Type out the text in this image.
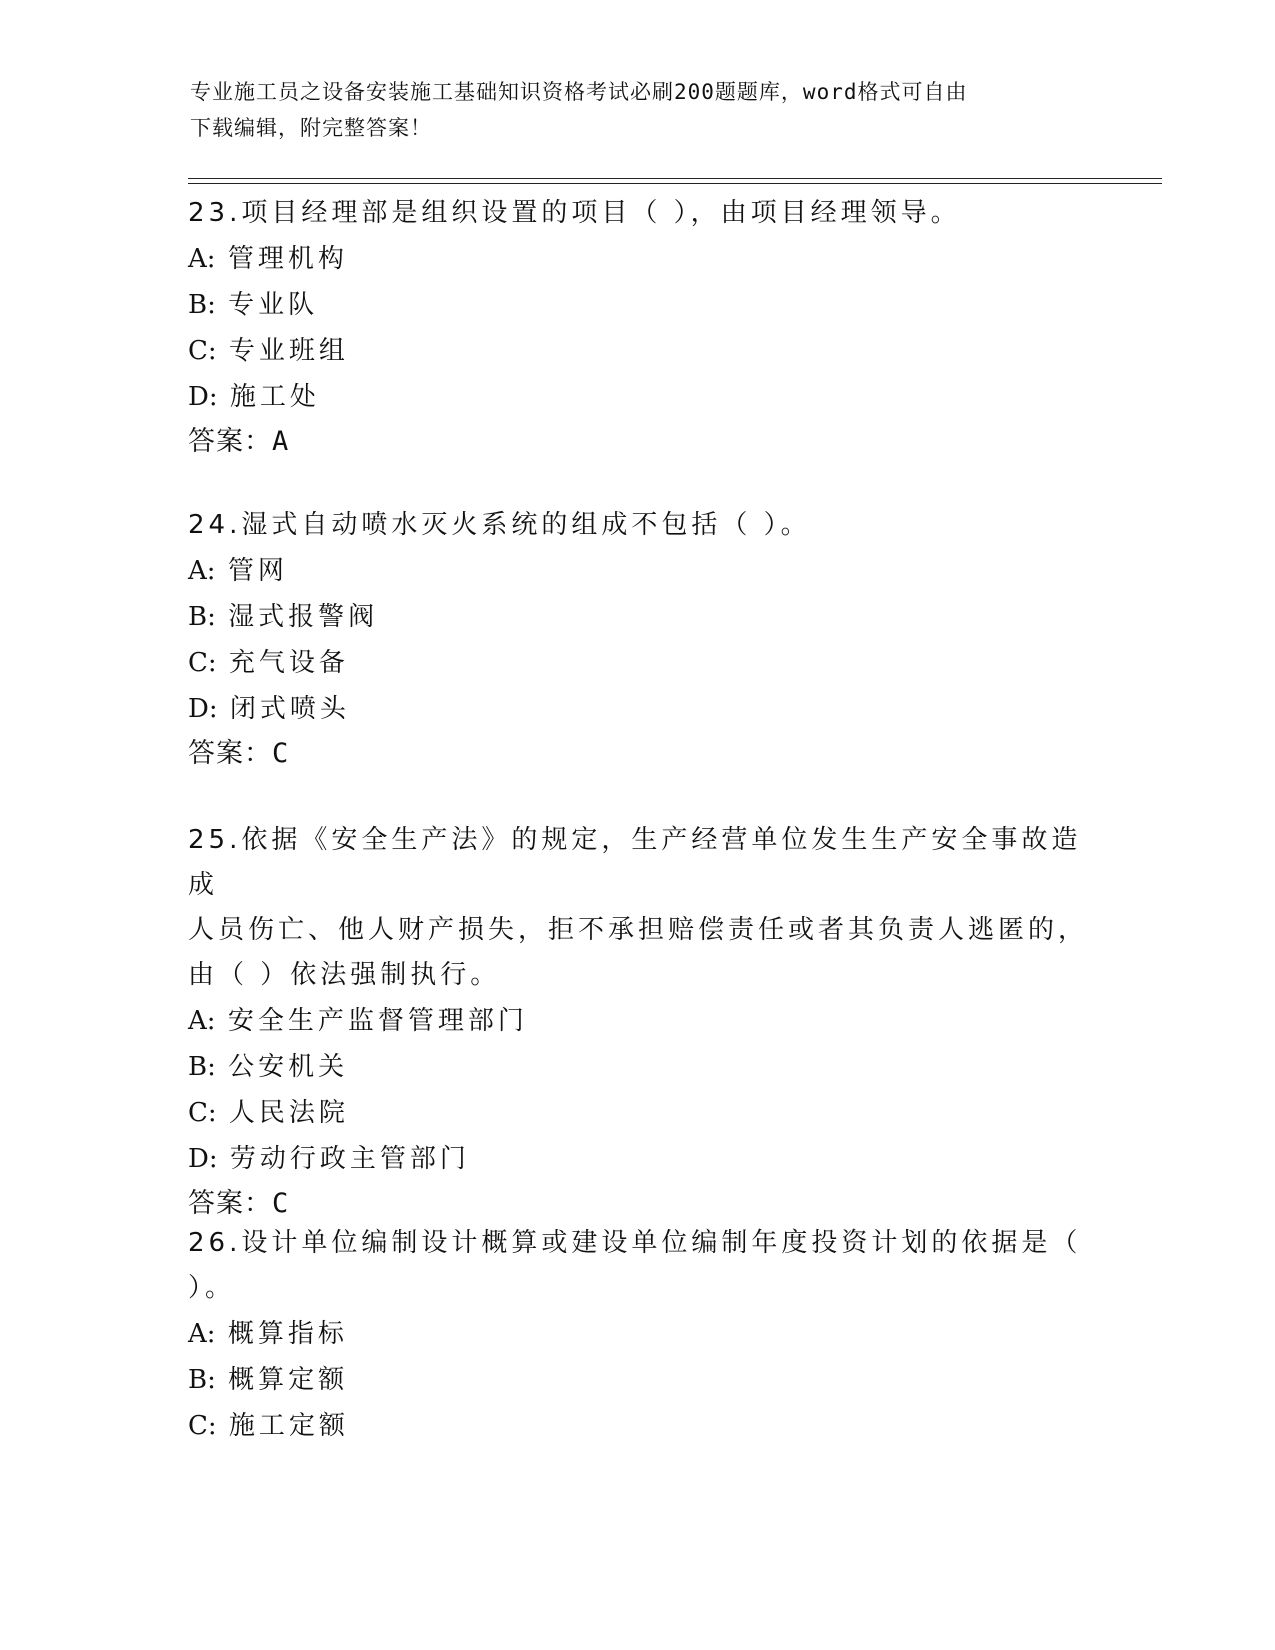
专业施工员之设备安装施工基础知识资格考试必刷200题题库，word格式可自由
下载编辑，附完整答案！
23.项目经理部是组织设置的项目（ ），由项目经理领导。
A: 管理机构
B: 专业队
C: 专业班组
D: 施工处
答案：A
24.湿式自动喷水灭火系统的组成不包括（ ）。
A: 管网
B: 湿式报警阀
C: 充气设备
D: 闭式喷头
答案：C
25.依据《安全生产法》的规定，生产经营单位发生生产安全事故造成
人员伤亡、他人财产损失，拒不承担赔偿责任或者其负责人逃匿的，
由（ ）依法强制执行。
A: 安全生产监督管理部门
B: 公安机关
C: 人民法院
D: 劳动行政主管部门
答案：C
26.设计单位编制设计概算或建设单位编制年度投资计划的依据是（
）。
A: 概算指标
B: 概算定额
C: 施工定额
